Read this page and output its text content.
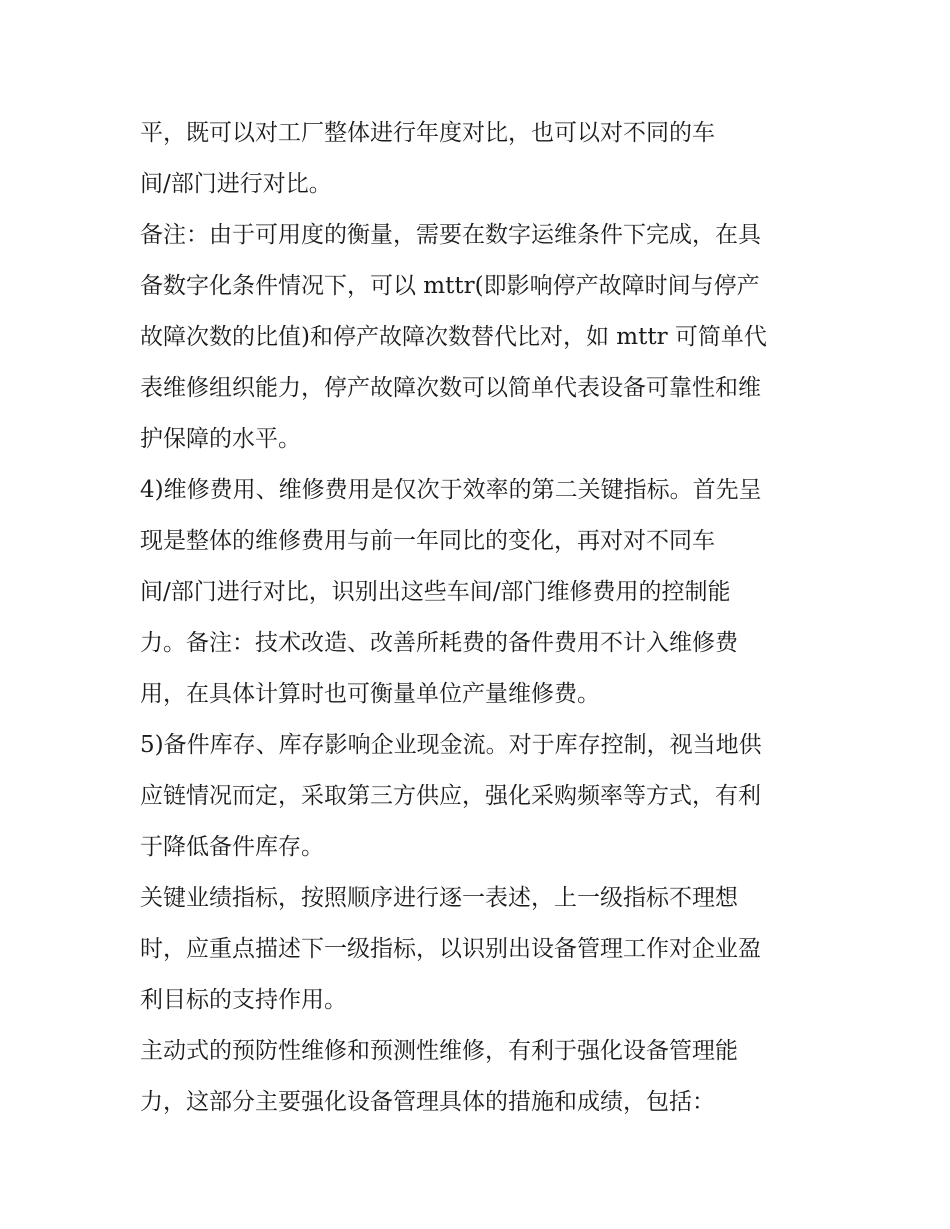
平，既可以对工厂整体进行年度对比，也可以对不同的车
间/部门进行对比。
备注：由于可用度的衡量，需要在数字运维条件下完成，在具
备数字化条件情况下，可以 mttr(即影响停产故障时间与停产
故障次数的比值)和停产故障次数替代比对，如 mttr 可简单代
表维修组织能力，停产故障次数可以简单代表设备可靠性和维
护保障的水平。
4)维修费用、维修费用是仅次于效率的第二关键指标。首先呈
现是整体的维修费用与前一年同比的变化，再对对不同车
间/部门进行对比，识别出这些车间/部门维修费用的控制能
力。备注：技术改造、改善所耗费的备件费用不计入维修费
用，在具体计算时也可衡量单位产量维修费。
5)备件库存、库存影响企业现金流。对于库存控制，视当地供
应链情况而定，采取第三方供应，强化采购频率等方式，有利
于降低备件库存。
关键业绩指标，按照顺序进行逐一表述，上一级指标不理想
时，应重点描述下一级指标，以识别出设备管理工作对企业盈
利目标的支持作用。
主动式的预防性维修和预测性维修，有利于强化设备管理能
力，这部分主要强化设备管理具体的措施和成绩，包括：
